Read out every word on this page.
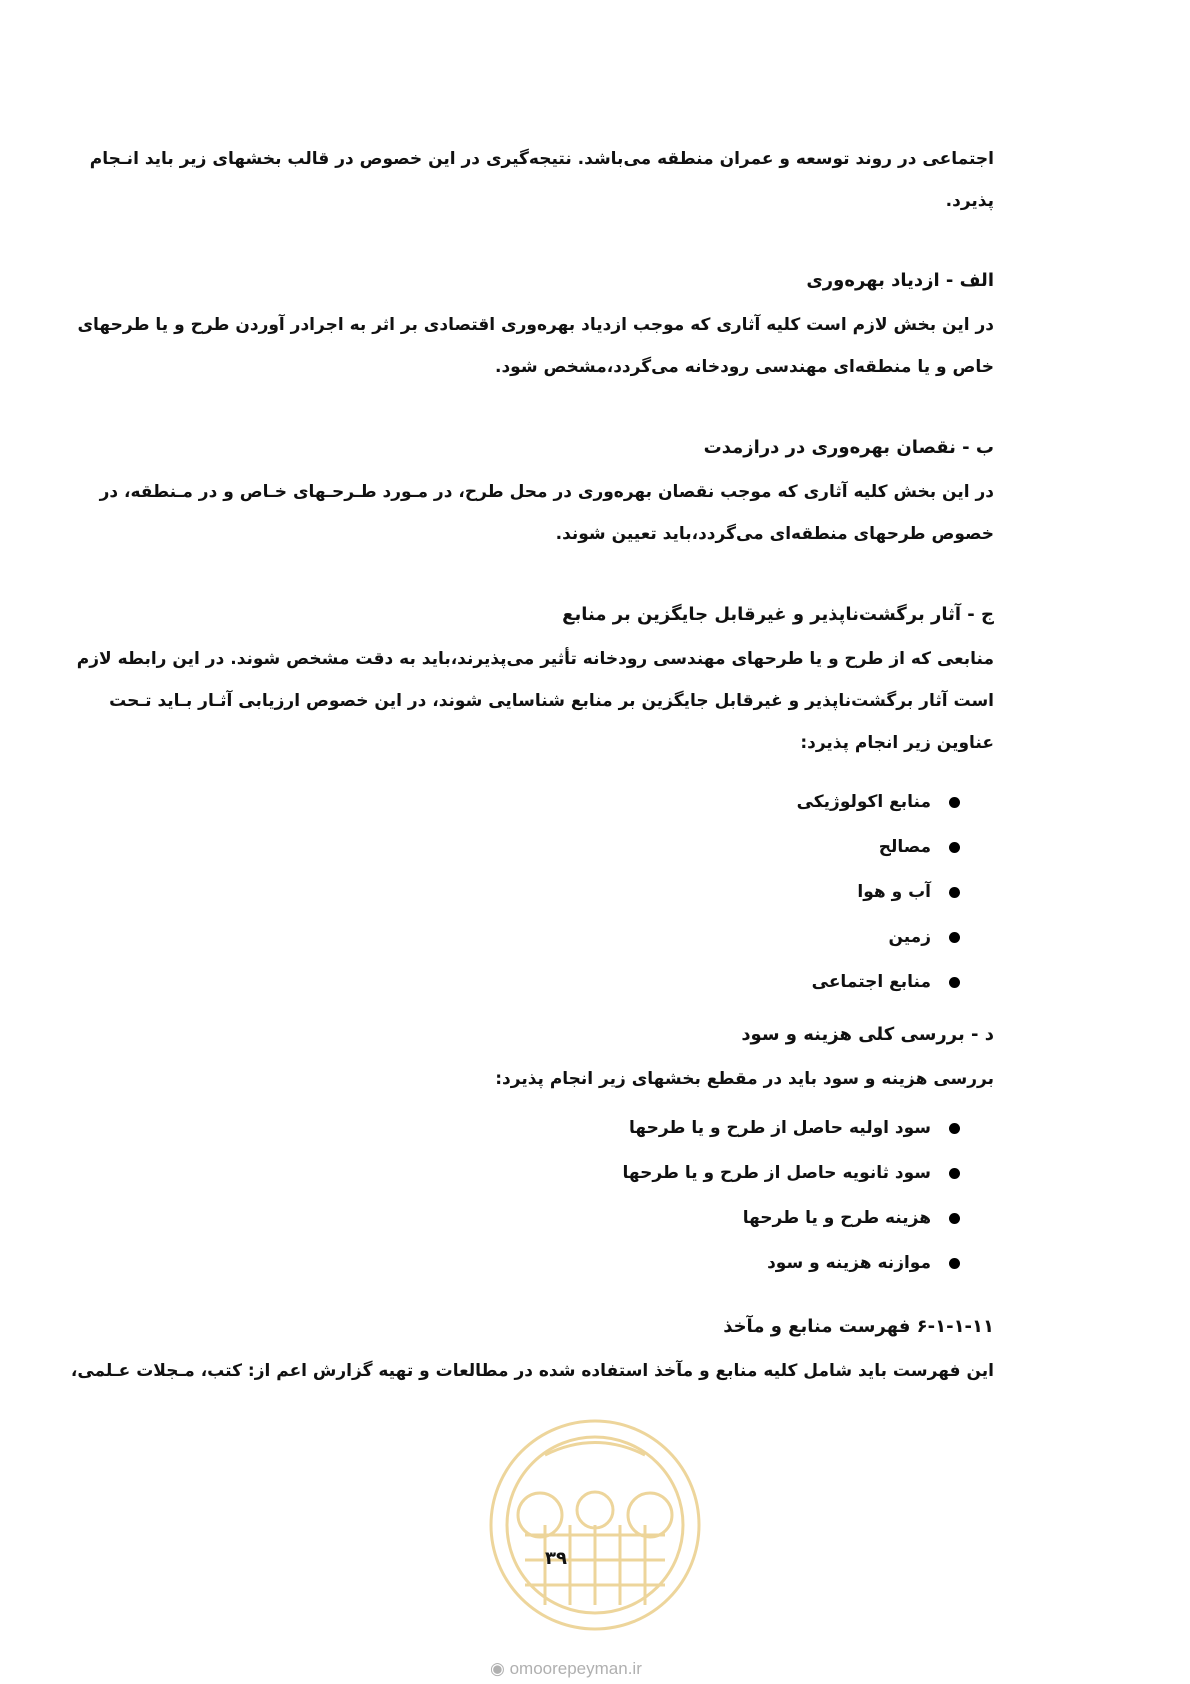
اجتماعی در روند توسعه و عمران منطقه می‌باشد. نتیجه‌گیری در این خصوص در قالب بخشهای زیر باید انـجام
پذیرد.
الف - ازدیاد بهره‌وری
در این بخش لازم است کلیه آثاری که موجب ازدیاد بهره‌وری اقتصادی بر اثر به اجرادر آوردن طرح و یا طرحهای
خاص و یا منطقه‌ای مهندسی رودخانه می‌گردد،مشخص شود.
ب - نقصان بهره‌وری در درازمدت
در این بخش کلیه آثاری که موجب نقصان بهره‌وری در محل طرح، در مـورد طـرحـهای خـاص و در مـنطقه، در
خصوص طرحهای منطقه‌ای می‌گردد،باید تعیین شوند.
ج - آثار برگشت‌ناپذیر و غیرقابل جایگزین بر منابع
منابعی که از طرح و یا طرحهای مهندسی رودخانه تأثیر می‌پذیرند،باید به دقت مشخص شوند. در این رابطه لازم
است آثار برگشت‌ناپذیر و غیرقابل جایگزین بر منابع شناسایی شوند، در این خصوص ارزیابی آثـار بـاید تـحت
عناوین زیر انجام پذیرد:
منابع اکولوژیکی
مصالح
آب و هوا
زمین
منابع اجتماعی
د - بررسی کلی هزینه و سود
بررسی هزینه و سود باید در مقطع بخشهای زیر انجام پذیرد:
سود اولیه حاصل از طرح و یا طرحها
سود ثانویه حاصل از طرح و یا طرحها
هزینه طرح و یا طرحها
موازنه هزینه و سود
۶-۱-۱-۱۱ فهرست منابع و مآخذ
این فهرست باید شامل کلیه منابع و مآخذ استفاده شده در مطالعات و تهیه گزارش اعم از: کتب، مـجلات عـلمی،
۳۹
◉ omoorepeyman.ir
